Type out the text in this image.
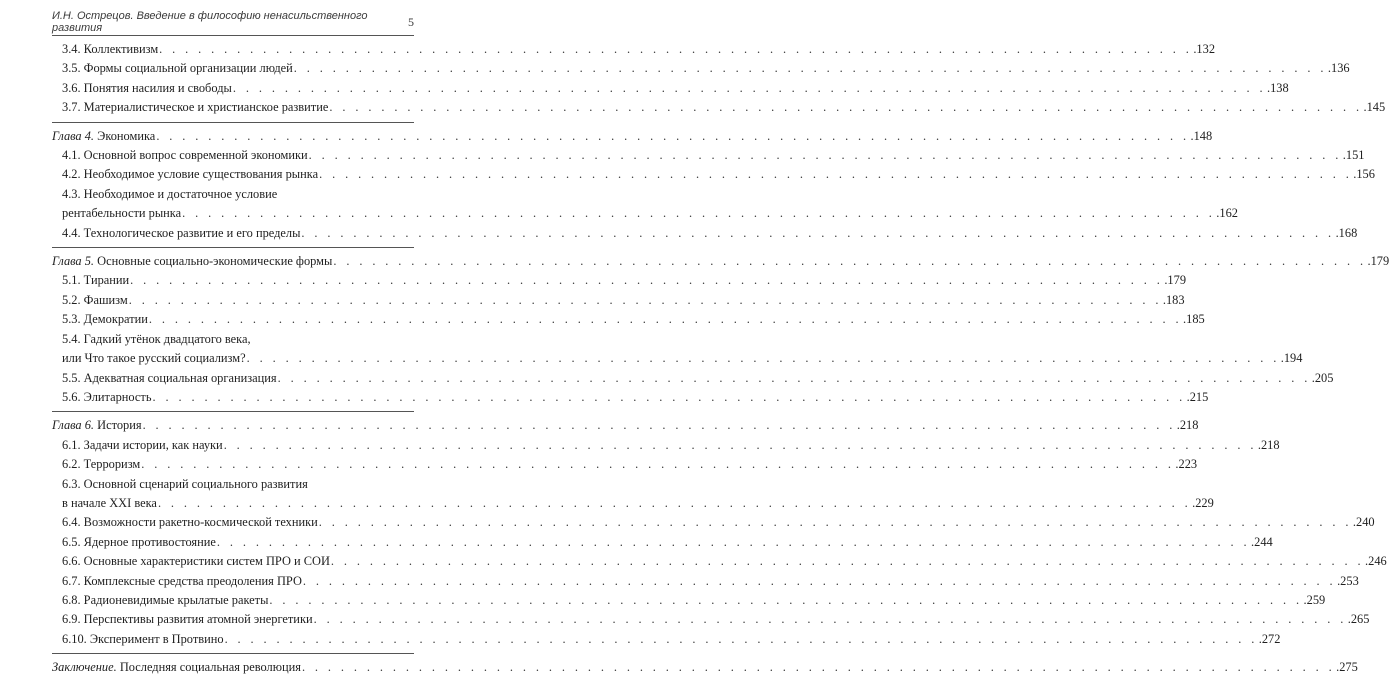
И.Н. Острецов. Введение в философию ненасильственного развития	5
3.4. Коллективизм . . . . . . . . . . . . . . . . . . . . . . . . . . . . . . . . . . . . . . . . . . . . . . . . . . . . . . . . . . . . . . . . . . . . . . . . . . . . . . . . .132
3.5. Формы социальной организации людей . . . . . . . . . . . . . . . . . . . . . . . . . . . . . . . . . . . . . . . . . . . . . . . . . . . . . . . . . . . . . . . . . . . . . . . . . . . . . . . . .136
3.6. Понятия насилия и свободы . . . . . . . . . . . . . . . . . . . . . . . . . . . . . . . . . . . . . . . . . . . . . . . . . . . . . . . . . . . . . . . . . . . . . . . . . . . . . . . . .138
3.7. Материалистическое и христианское развитие . . . . . . . . . . . . . . . . . . . . . . . . . . . . . . . . . . . . . . . . . . . . . . . . . . . . . . . . . . . . . . . . . . . . . . . . . . . . . . . . .145
Глава 4. Экономика . . . . . . . . . . . . . . . . . . . . . . . . . . . . . . . . . . . . . . . . . . . . . . . . . . . . . . . . . . . . . . . . . . . . . . . . . . . . . . . . .148
4.1. Основной вопрос современной экономики . . . . . . . . . . . . . . . . . . . . . . . . . . . . . . . . . . . . . . . . . . . . . . . . . . . . . . . . . . . . . . . . . . . . . . . . . . . . . . . . .151
4.2. Необходимое условие существования рынка . . . . . . . . . . . . . . . . . . . . . . . . . . . . . . . . . . . . . . . . . . . . . . . . . . . . . . . . . . . . . . . . . . . . . . . . . . . . . . . . .156
4.3. Необходимое и достаточное условие
рентабельности рынка . . . . . . . . . . . . . . . . . . . . . . . . . . . . . . . . . . . . . . . . . . . . . . . . . . . . . . . . . . . . . . . . . . . . . . . . . . . . . . . . .162
4.4. Технологическое развитие и его пределы . . . . . . . . . . . . . . . . . . . . . . . . . . . . . . . . . . . . . . . . . . . . . . . . . . . . . . . . . . . . . . . . . . . . . . . . . . . . . . . . .168
Глава 5. Основные социально-экономические формы . . . . . . . . . . . . . . . . . . . . . . . . . . . . . . . . . . . . . . . . . . . . . . . . . . . . . . . . . . . . . . . . . . . . . . . . . . . . . . . . .179
5.1. Тирании . . . . . . . . . . . . . . . . . . . . . . . . . . . . . . . . . . . . . . . . . . . . . . . . . . . . . . . . . . . . . . . . . . . . . . . . . . . . . . . . .179
5.2. Фашизм . . . . . . . . . . . . . . . . . . . . . . . . . . . . . . . . . . . . . . . . . . . . . . . . . . . . . . . . . . . . . . . . . . . . . . . . . . . . . . . . .183
5.3. Демократии . . . . . . . . . . . . . . . . . . . . . . . . . . . . . . . . . . . . . . . . . . . . . . . . . . . . . . . . . . . . . . . . . . . . . . . . . . . . . . . . .185
5.4. Гадкий утёнок двадцатого века,
или Что такое русский социализм? . . . . . . . . . . . . . . . . . . . . . . . . . . . . . . . . . . . . . . . . . . . . . . . . . . . . . . . . . . . . . . . . . . . . . . . . . . . . . . . . .194
5.5. Адекватная социальная организация . . . . . . . . . . . . . . . . . . . . . . . . . . . . . . . . . . . . . . . . . . . . . . . . . . . . . . . . . . . . . . . . . . . . . . . . . . . . . . . . .205
5.6. Элитарность . . . . . . . . . . . . . . . . . . . . . . . . . . . . . . . . . . . . . . . . . . . . . . . . . . . . . . . . . . . . . . . . . . . . . . . . . . . . . . . . .215
Глава 6. История . . . . . . . . . . . . . . . . . . . . . . . . . . . . . . . . . . . . . . . . . . . . . . . . . . . . . . . . . . . . . . . . . . . . . . . . . . . . . . . . .218
6.1. Задачи истории, как науки . . . . . . . . . . . . . . . . . . . . . . . . . . . . . . . . . . . . . . . . . . . . . . . . . . . . . . . . . . . . . . . . . . . . . . . . . . . . . . . . .218
6.2. Терроризм . . . . . . . . . . . . . . . . . . . . . . . . . . . . . . . . . . . . . . . . . . . . . . . . . . . . . . . . . . . . . . . . . . . . . . . . . . . . . . . . .223
6.3. Основной сценарий социального развития
в начале XXI века . . . . . . . . . . . . . . . . . . . . . . . . . . . . . . . . . . . . . . . . . . . . . . . . . . . . . . . . . . . . . . . . . . . . . . . . . . . . . . . . .229
6.4. Возможности ракетно-космической техники . . . . . . . . . . . . . . . . . . . . . . . . . . . . . . . . . . . . . . . . . . . . . . . . . . . . . . . . . . . . . . . . . . . . . . . . . . . . . . . . .240
6.5. Ядерное противостояние . . . . . . . . . . . . . . . . . . . . . . . . . . . . . . . . . . . . . . . . . . . . . . . . . . . . . . . . . . . . . . . . . . . . . . . . . . . . . . . . .244
6.6. Основные характеристики систем ПРО и СОИ . . . . . . . . . . . . . . . . . . . . . . . . . . . . . . . . . . . . . . . . . . . . . . . . . . . . . . . . . . . . . . . . . . . . . . . . . . . . . . . . .246
6.7. Комплексные средства преодоления ПРО . . . . . . . . . . . . . . . . . . . . . . . . . . . . . . . . . . . . . . . . . . . . . . . . . . . . . . . . . . . . . . . . . . . . . . . . . . . . . . . . .253
6.8. Радионевидимые крылатые ракеты . . . . . . . . . . . . . . . . . . . . . . . . . . . . . . . . . . . . . . . . . . . . . . . . . . . . . . . . . . . . . . . . . . . . . . . . . . . . . . . . .259
6.9. Перспективы развития атомной энергетики . . . . . . . . . . . . . . . . . . . . . . . . . . . . . . . . . . . . . . . . . . . . . . . . . . . . . . . . . . . . . . . . . . . . . . . . . . . . . . . . .265
6.10. Эксперимент в Протвино . . . . . . . . . . . . . . . . . . . . . . . . . . . . . . . . . . . . . . . . . . . . . . . . . . . . . . . . . . . . . . . . . . . . . . . . . . . . . . . . .272
Заключение. Последняя социальная революция . . . . . . . . . . . . . . . . . . . . . . . . . . . . . . . . . . . . . . . . . . . . . . . . . . . . . . . . . . . . . . . . . . . . . . . . . . . . . . . . .275
